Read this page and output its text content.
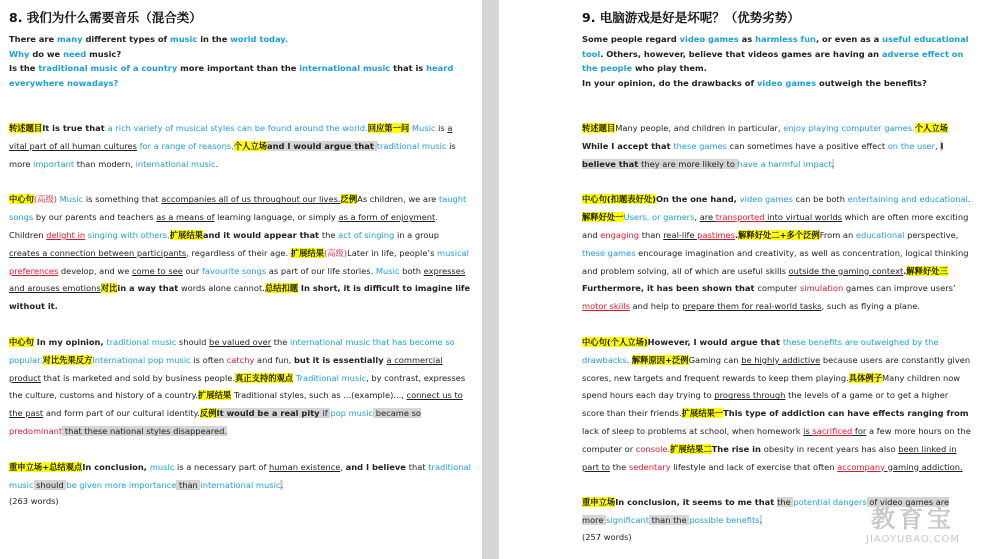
8. 我们为什么需要音乐（混合类）

There are many different types of music in the world today.

Why do we need music?

Is the traditional music of a country more important than the international music that is heard everywhere nowadays?

转述题目It is true that a rich variety of musical styles can be found around the world.回应第一问 Music is a vital part of all human cultures for a range of reasons,个人立场and I would argue that traditional music is more important than modern, international music.

中心句(高级) Music is something that accompanies all of us throughout our lives.泛例As children, we are taught songs by our parents and teachers as a means of learning language, or simply as a form of enjoyment. Children delight in singing with others,扩展结果and it would appear that the act of singing in a group creates a connection between participants, regardless of their age. 扩展结果(高级)Later in life, people’s musical preferences develop, and we come to see our favourite songs as part of our life stories. Music both expresses and arouses emotions对比in a way that words alone cannot.总结扣题 In short, it is difficult to imagine life without it.

中心句 In my opinion, traditional music should be valued over the international music that has become so popular.对比先果反方International pop music is often catchy and fun, but it is essentially a commercial product that is marketed and sold by business people.真正支持的观点 Traditional music, by contrast, expresses the culture, customs and history of a country.扩展结果 Traditional styles, such as ...(example)..., connect us to the past and form part of our cultural identity.反例It would be a real pity if pop music became so predominant that these national styles disappeared.

重申立场+总结观点In conclusion, music is a necessary part of human existence, and I believe that traditional music should be given more importance than international music.

(263 words)

9. 电脑游戏是好是坏呢？（优势劣势）

Some people regard video games as harmless fun, or even as a useful educational tool. Others, however, believe that videos games are having an adverse effect on the people who play them.

In your opinion, do the drawbacks of video games outweigh the benefits?

转述题目Many people, and children in particular, enjoy playing computer games.个人立场While I accept that these games can sometimes have a positive effect on the user, I believe that they are more likely to have a harmful impact.

中心句(扣题表好处)On the one hand, video games can be both entertaining and educational. 解释好处一Users, or gamers, are transported into virtual worlds which are often more exciting and engaging than real-life pastimes.解释好处二+多个泛例From an educational perspective, these games encourage imagination and creativity, as well as concentration, logical thinking and problem solving, all of which are useful skills outside the gaming context.解释好处三Furthermore, it has been shown that computer simulation games can improve users’ motor skills and help to prepare them for real-world tasks, such as flying a plane.

中心句(个人立场)However, I would argue that these benefits are outweighed by the drawbacks. 解释原因+泛例Gaming can be highly addictive because users are constantly given scores, new targets and frequent rewards to keep them playing.具体例子Many children now spend hours each day trying to progress through the levels of a game or to get a higher score than their friends.扩展结果一This type of addiction can have effects ranging from lack of sleep to problems at school, when homework is sacrificed for a few more hours on the computer or console.扩展结果二The rise in obesity in recent years has also been linked in part to the sedentary lifestyle and lack of exercise that often accompany gaming addiction.

重申立场In conclusion, it seems to me that the potential dangers of video games are more significant than the possible benefits.

(257 words)

教育宝
JIAOYUBAO.COM
